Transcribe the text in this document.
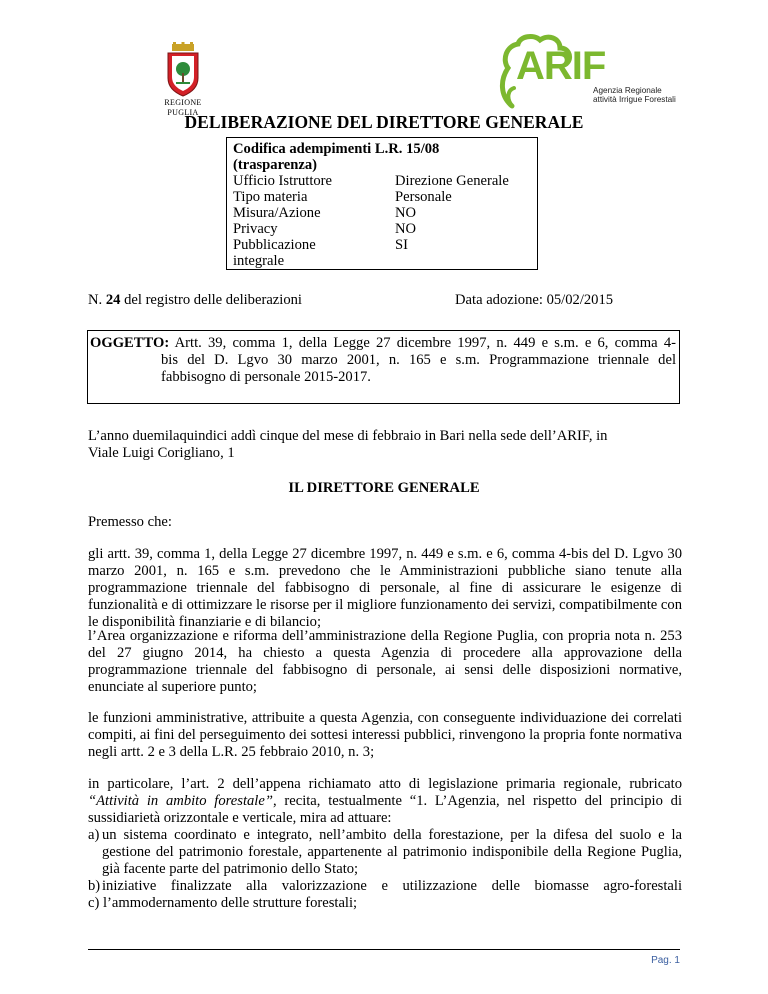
REGIONE PUGLIA
ARIF
Agenzia Regionale
attività Irrigue Forestali
DELIBERAZIONE DEL DIRETTORE GENERALE
Codifica adempimenti L.R. 15/08
(trasparenza)
Ufficio Istruttore	Direzione Generale
Tipo materia	Personale
Misura/Azione	NO
Privacy	NO
Pubblicazione	SI
integrale
N. 24 del registro delle deliberazioni	Data adozione: 05/02/2015
OGGETTO: Artt. 39, comma 1, della Legge 27 dicembre 1997, n. 449 e s.m. e 6, comma 4-
bis del D. Lgvo 30 marzo 2001, n. 165 e s.m. Programmazione triennale del
fabbisogno di personale 2015-2017.
L’anno duemilaquindici addì cinque del mese di febbraio in Bari nella sede dell’ARIF, in
Viale Luigi Corigliano, 1
IL DIRETTORE GENERALE
Premesso che:
gli artt. 39, comma 1, della Legge 27 dicembre 1997, n. 449 e s.m. e 6, comma 4-bis del D. Lgvo 30 marzo 2001, n. 165 e s.m. prevedono che le Amministrazioni pubbliche siano tenute alla programmazione triennale del fabbisogno di personale, al fine di assicurare le esigenze di funzionalità e di ottimizzare le risorse per il migliore funzionamento dei servizi, compatibilmente con le disponibilità finanziarie e di bilancio;
l’Area organizzazione e riforma dell’amministrazione della Regione Puglia, con propria nota n. 253 del 27 giugno 2014, ha chiesto a questa Agenzia di procedere alla approvazione della programmazione triennale del fabbisogno di personale, ai sensi delle disposizioni normative, enunciate al superiore punto;
le funzioni amministrative, attribuite a questa Agenzia, con conseguente individuazione dei correlati compiti, ai fini del perseguimento dei sottesi interessi pubblici, rinvengono la propria fonte normativa negli artt. 2 e 3 della L.R. 25 febbraio 2010, n. 3;
in particolare, l’art. 2 dell’appena richiamato atto di legislazione primaria regionale, rubricato “Attività in ambito forestale”, recita, testualmente “1. L’Agenzia, nel rispetto del principio di sussidiarietà orizzontale e verticale, mira ad attuare:
a) un sistema coordinato e integrato, nell’ambito della forestazione, per la difesa del suolo e la gestione del patrimonio forestale, appartenente al patrimonio indisponibile della Regione Puglia, già facente parte del patrimonio dello Stato;
b) iniziative finalizzate alla valorizzazione e utilizzazione delle biomasse agro-forestali
c) l’ammodernamento delle strutture forestali;
Pag. 1
